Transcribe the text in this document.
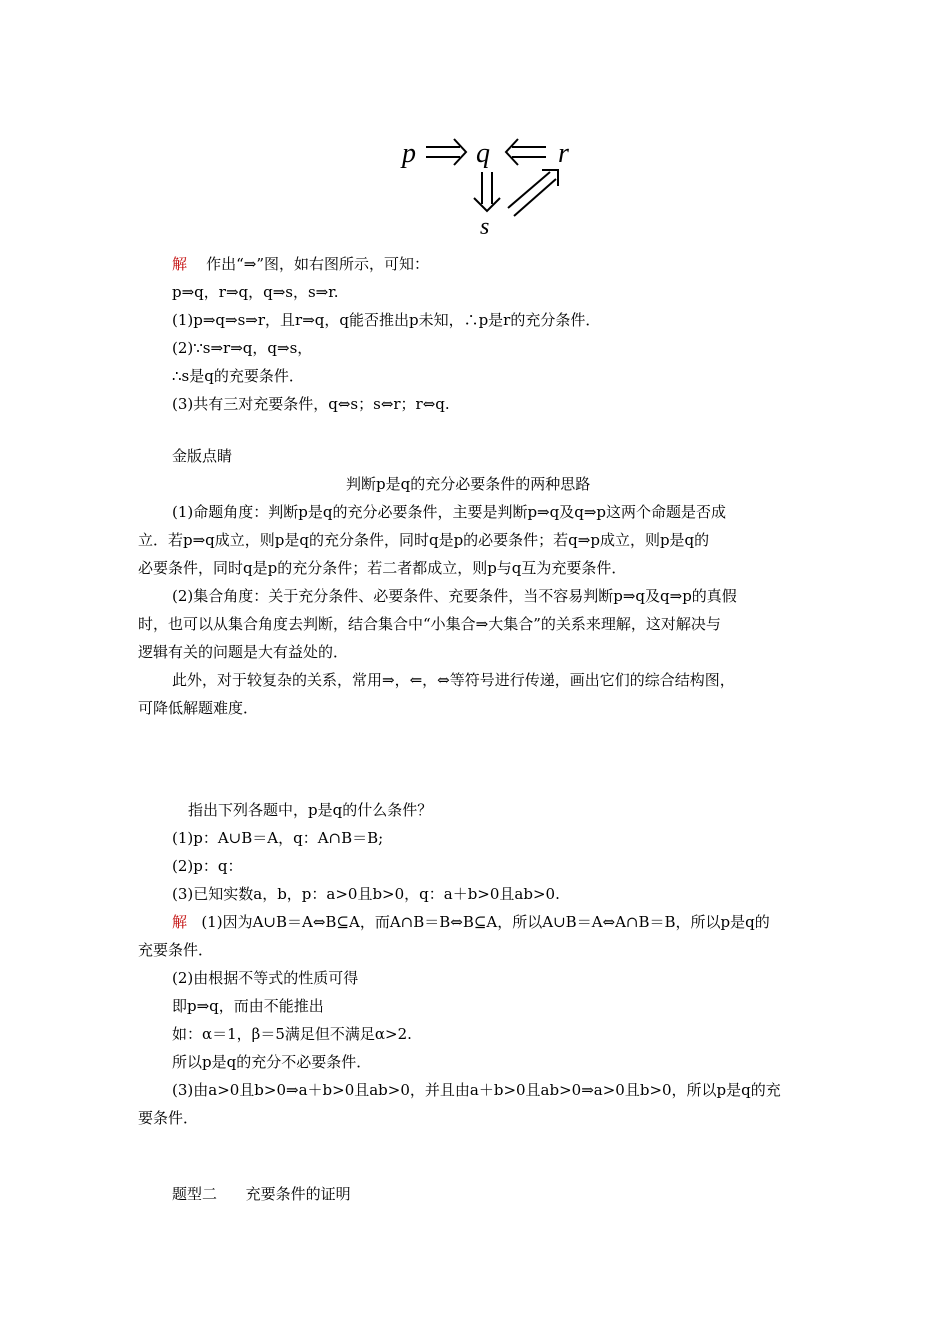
p q r
s
解 作出“⇒”图，如右图所示，可知：
p⇒q，r⇒q，q⇒s，s⇒r.
(1)p⇒q⇒s⇒r，且r⇒q，q能否推出p未知，∴p是r的充分条件．
(2)∵s⇒r⇒q，q⇒s，
∴s是q的充要条件．
(3)共有三对充要条件，q⇔s；s⇔r；r⇔q.
金版点睛
判断p是q的充分必要条件的两种思路
(1)命题角度：判断p是q的充分必要条件，主要是判断p⇒q及q⇒p这两个命题是否成
立．若p⇒q成立，则p是q的充分条件，同时q是p的必要条件；若q⇒p成立，则p是q的
必要条件，同时q是p的充分条件；若二者都成立，则p与q互为充要条件．
(2)集合角度：关于充分条件、必要条件、充要条件，当不容易判断p⇒q及q⇒p的真假
时，也可以从集合角度去判断，结合集合中“小集合⇒大集合”的关系来理解，这对解决与
逻辑有关的问题是大有益处的．
此外，对于较复杂的关系，常用⇒，⇐，⇔等符号进行传递，画出它们的综合结构图，
可降低解题难度．
指出下列各题中，p是q的什么条件？
(1)p：A∪B＝A，q：A∩B＝B;
(2)p：q：
(3)已知实数a，b，p：a>0且b>0，q：a＋b>0且ab>0.
解 (1)因为A∪B＝A⇔B⊆A，而A∩B＝B⇔B⊆A，所以A∪B＝A⇔A∩B＝B，所以p是q的
充要条件．
(2)由根据不等式的性质可得
即p⇒q，而由不能推出
如：α＝1，β＝5满足但不满足α>2.
所以p是q的充分不必要条件．
(3)由a>0且b>0⇒a＋b>0且ab>0，并且由a＋b>0且ab>0⇒a>0且b>0，所以p是q的充
要条件．
题型二 充要条件的证明
